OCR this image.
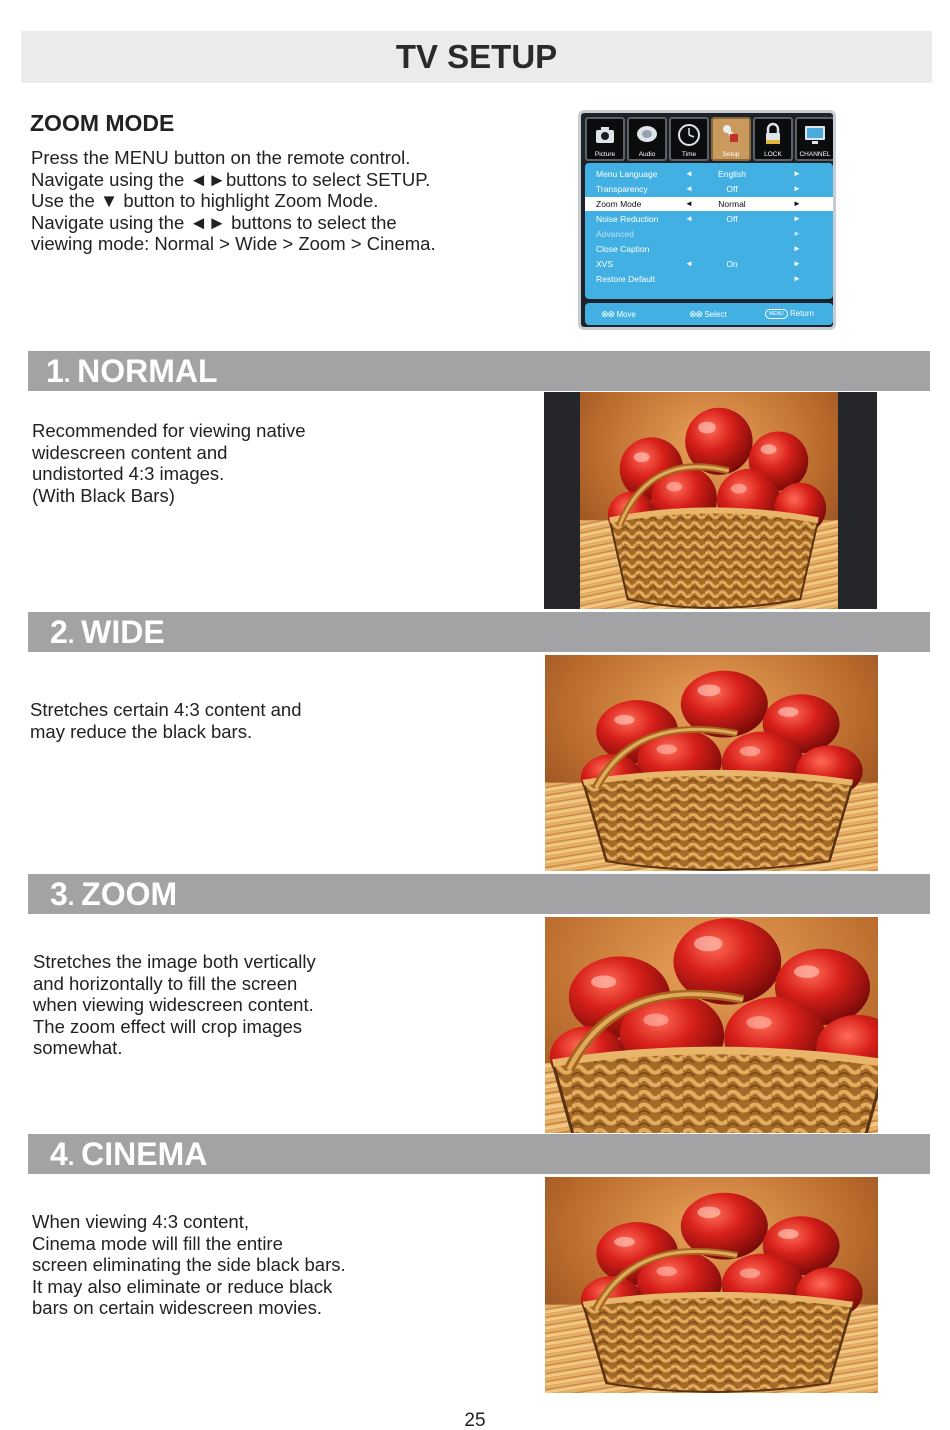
TV SETUP
ZOOM MODE

Press the MENU button on the remote control.

Navigate using the ◄►buttons to select SETUP.

Use the ▼ button to highlight Zoom Mode.

Navigate using the ◄► buttons to select the

viewing mode: Normal > Wide > Zoom > Cinema.

Picture	Audio	Time	Setup	LOCK	CHANNEL
Menu Language	◄	English	►
Transparency	◄	Off	►
Zoom Mode	◄	Normal	►
Noise Reduction	◄	Off	►
Advanced	►
Close Caption	►
XVS	◄	On	►
Restore Default	►
⊗⊗ Move	⊗⊗ Select	MENU Return
1. NORMAL

Recommended for viewing native

widescreen content and

undistorted 4:3 images.

(With Black Bars)

2. WIDE

Stretches certain 4:3 content and

may reduce the black bars.

3. ZOOM

Stretches the image both vertically

and horizontally to fill the screen

when viewing widescreen content.

The zoom effect will crop images

somewhat.

4. CINEMA

When viewing 4:3 content,

Cinema mode will fill the entire

screen eliminating the side black bars.

It may also eliminate or reduce black

bars on certain widescreen movies.

25
